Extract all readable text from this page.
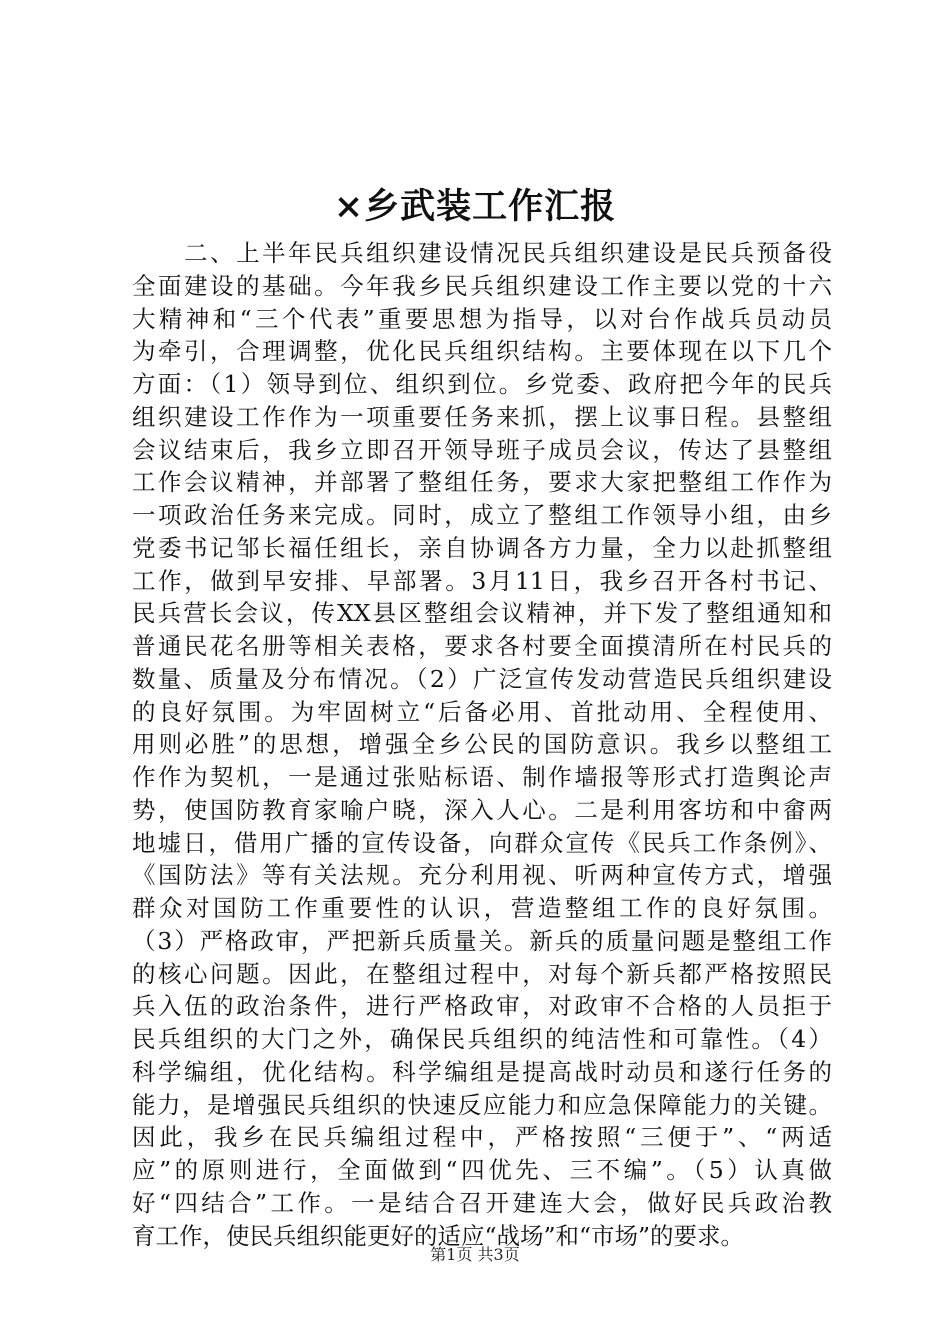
×乡武装工作汇报
　　二、上半年民兵组织建设情况民兵组织建设是民兵预备役
全面建设的基础。今年我乡民兵组织建设工作主要以党的十六
大精神和“三个代表”重要思想为指导，以对台作战兵员动员
为牵引，合理调整，优化民兵组织结构。主要体现在以下几个
方面：（1）领导到位、组织到位。乡党委、政府把今年的民兵
组织建设工作作为一项重要任务来抓，摆上议事日程。县整组
会议结束后，我乡立即召开领导班子成员会议，传达了县整组
工作会议精神，并部署了整组任务，要求大家把整组工作作为
一项政治任务来完成。同时，成立了整组工作领导小组，由乡
党委书记邹长福任组长，亲自协调各方力量，全力以赴抓整组
工作，做到早安排、早部署。3月11日，我乡召开各村书记、
民兵营长会议，传XX县区整组会议精神，并下发了整组通知和
普通民花名册等相关表格，要求各村要全面摸清所在村民兵的
数量、质量及分布情况。（2）广泛宣传发动营造民兵组织建设
的良好氛围。为牢固树立“后备必用、首批动用、全程使用、
用则必胜”的思想，增强全乡公民的国防意识。我乡以整组工
作作为契机，一是通过张贴标语、制作墙报等形式打造舆论声
势，使国防教育家喻户晓，深入人心。二是利用客坊和中畲两
地墟日，借用广播的宣传设备，向群众宣传《民兵工作条例》、
《国防法》等有关法规。充分利用视、听两种宣传方式，增强
群众对国防工作重要性的认识，营造整组工作的良好氛围。
（3）严格政审，严把新兵质量关。新兵的质量问题是整组工作
的核心问题。因此，在整组过程中，对每个新兵都严格按照民
兵入伍的政治条件，进行严格政审，对政审不合格的人员拒于
民兵组织的大门之外，确保民兵组织的纯洁性和可靠性。（4）
科学编组，优化结构。科学编组是提高战时动员和遂行任务的
能力，是增强民兵组织的快速反应能力和应急保障能力的关键。
因此，我乡在民兵编组过程中，严格按照“三便于”、“两适
应”的原则进行，全面做到“四优先、三不编”。（5）认真做
好“四结合”工作。一是结合召开建连大会，做好民兵政治教
育工作，使民兵组织能更好的适应“战场”和“市场”的要求。
第1页 共3页
